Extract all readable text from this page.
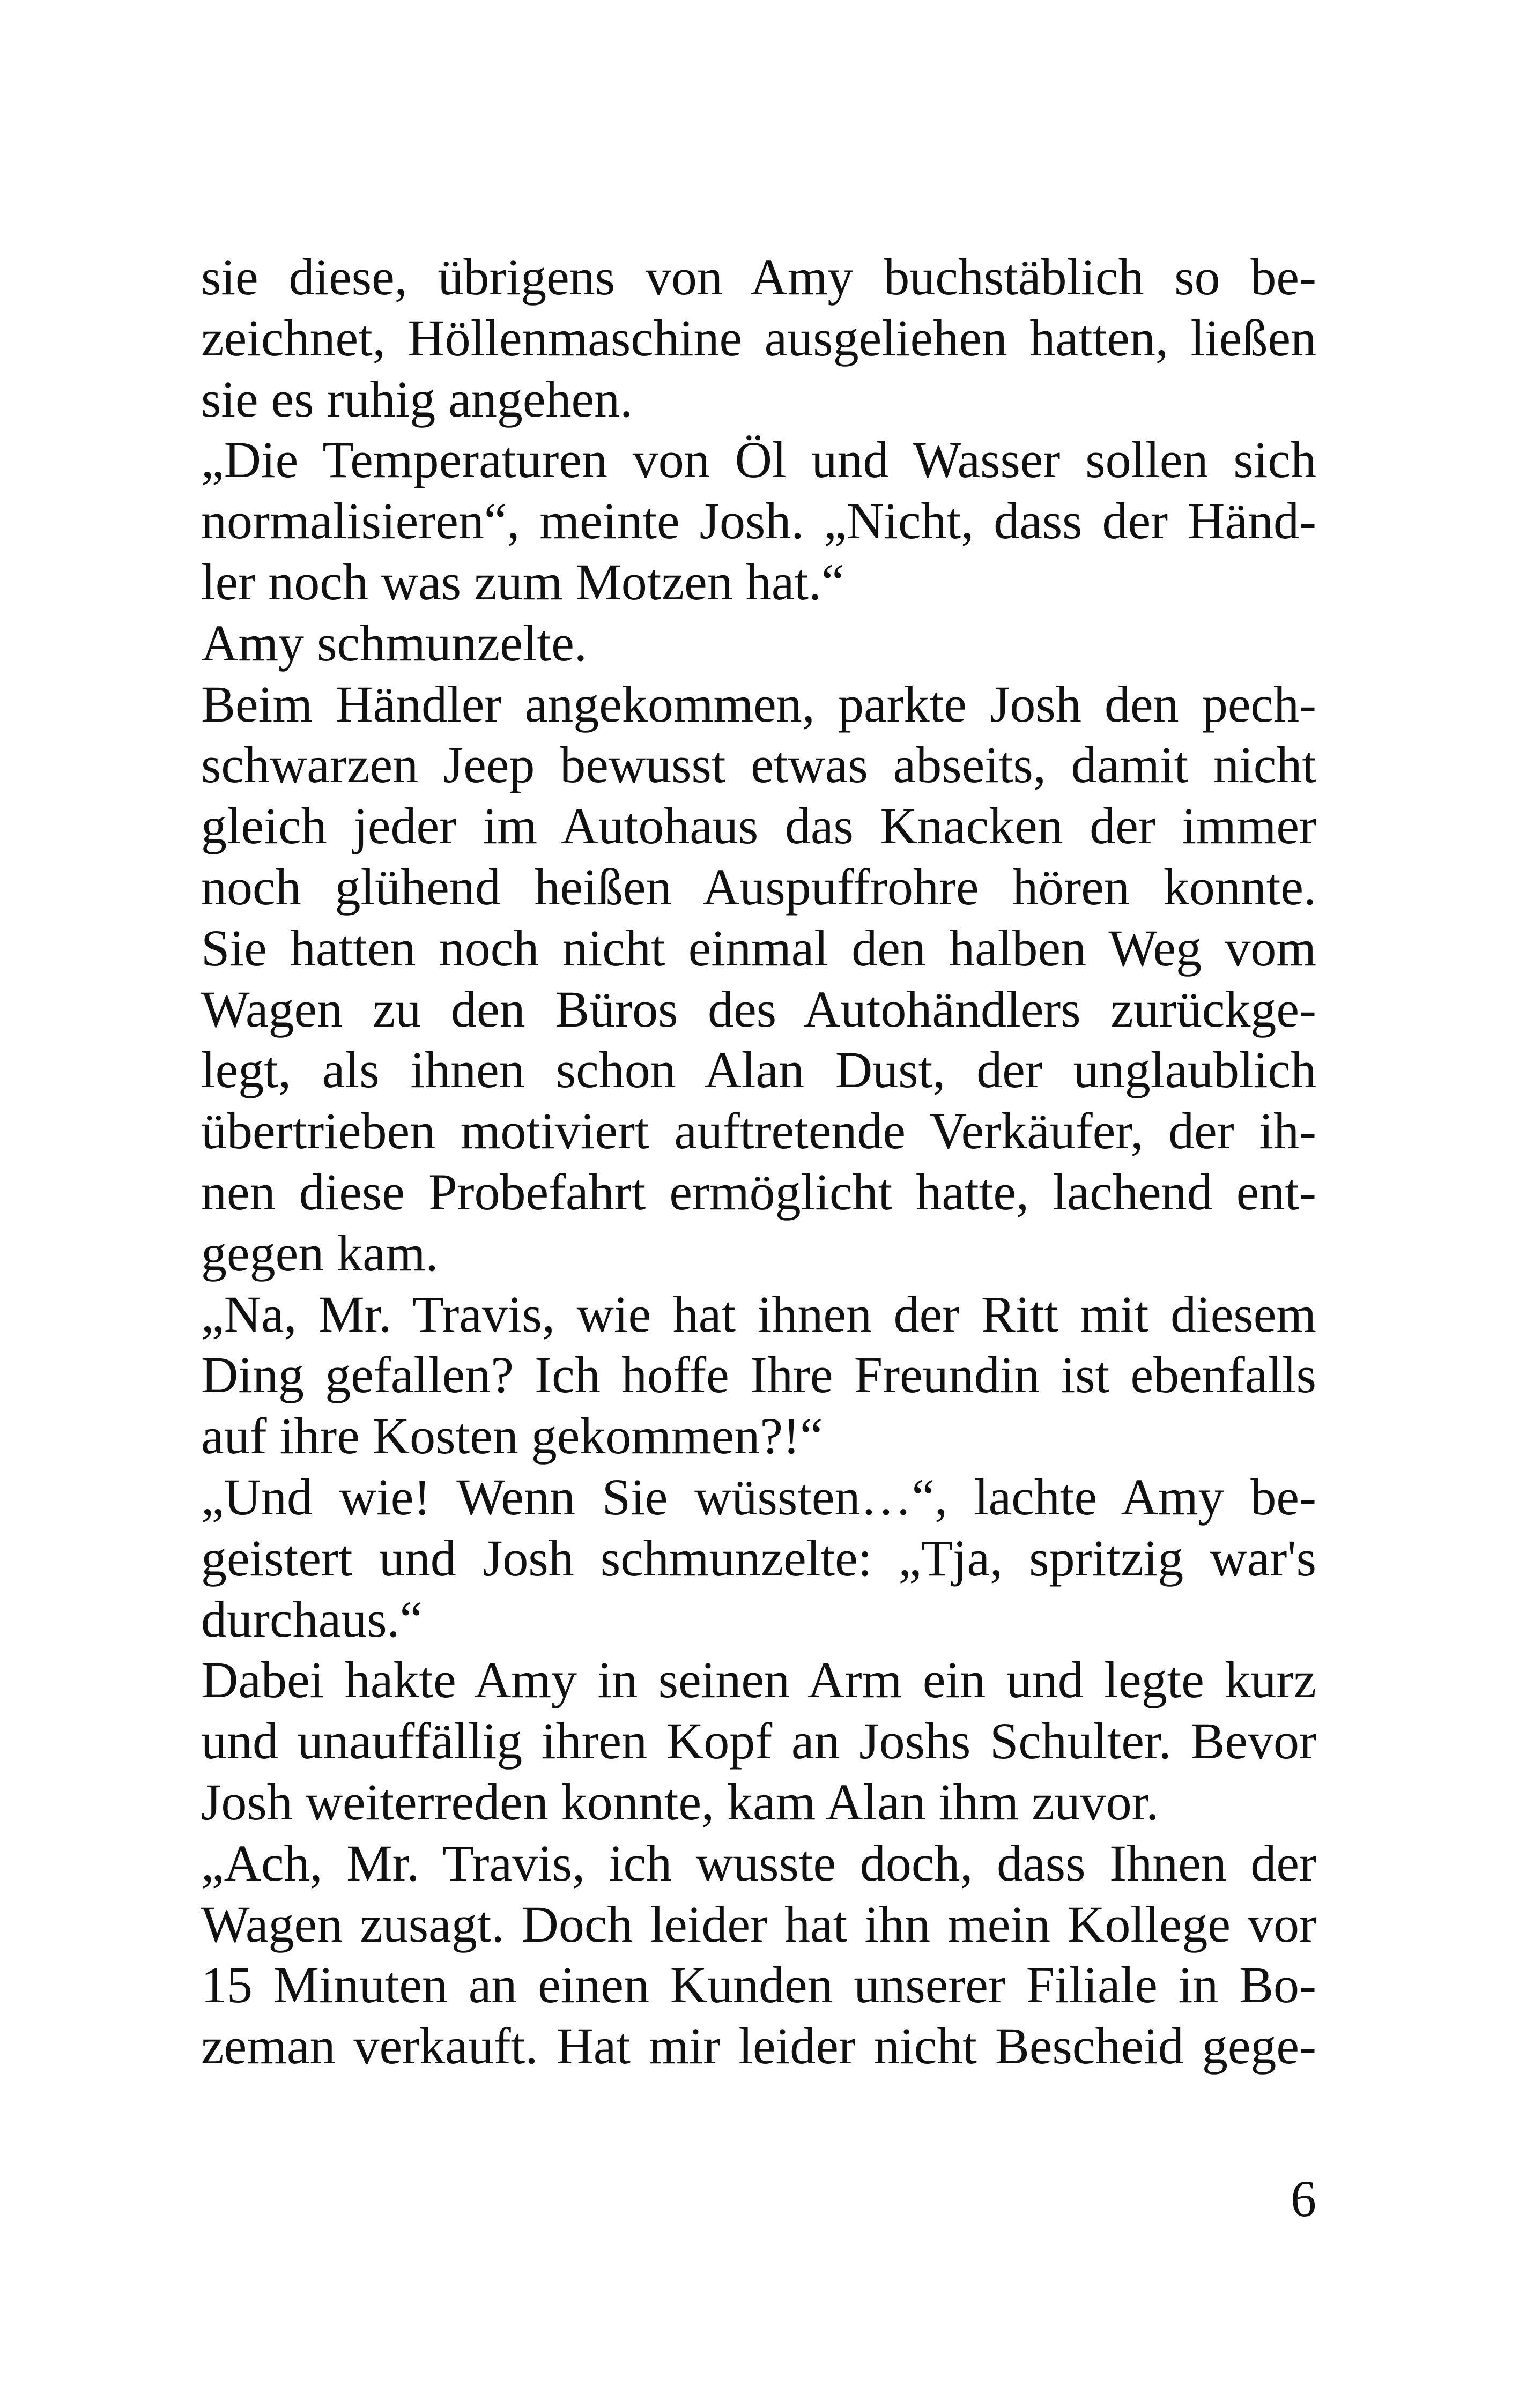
sie diese, übrigens von Amy buchstäblich so be-
zeichnet, Höllenmaschine ausgeliehen hatten, ließen
sie es ruhig angehen.
„Die Temperaturen von Öl und Wasser sollen sich
normalisieren“, meinte Josh. „Nicht, dass der Händ-
ler noch was zum Motzen hat.“
Amy schmunzelte.
Beim Händler angekommen, parkte Josh den pech-
schwarzen Jeep bewusst etwas abseits, damit nicht
gleich jeder im Autohaus das Knacken der immer
noch glühend heißen Auspuffrohre hören konnte.
Sie hatten noch nicht einmal den halben Weg vom
Wagen zu den Büros des Autohändlers zurückge-
legt, als ihnen schon Alan Dust, der unglaublich
übertrieben motiviert auftretende Verkäufer, der ih-
nen diese Probefahrt ermöglicht hatte, lachend ent-
gegen kam.
„Na, Mr. Travis, wie hat ihnen der Ritt mit diesem
Ding gefallen? Ich hoffe Ihre Freundin ist ebenfalls
auf ihre Kosten gekommen?!“
„Und wie! Wenn Sie wüssten…“, lachte Amy be-
geistert und Josh schmunzelte: „Tja, spritzig war's
durchaus.“
Dabei hakte Amy in seinen Arm ein und legte kurz
und unauffällig ihren Kopf an Joshs Schulter. Bevor
Josh weiterreden konnte, kam Alan ihm zuvor.
„Ach, Mr. Travis, ich wusste doch, dass Ihnen der
Wagen zusagt. Doch leider hat ihn mein Kollege vor
15 Minuten an einen Kunden unserer Filiale in Bo-
zeman verkauft. Hat mir leider nicht Bescheid gege-
6
